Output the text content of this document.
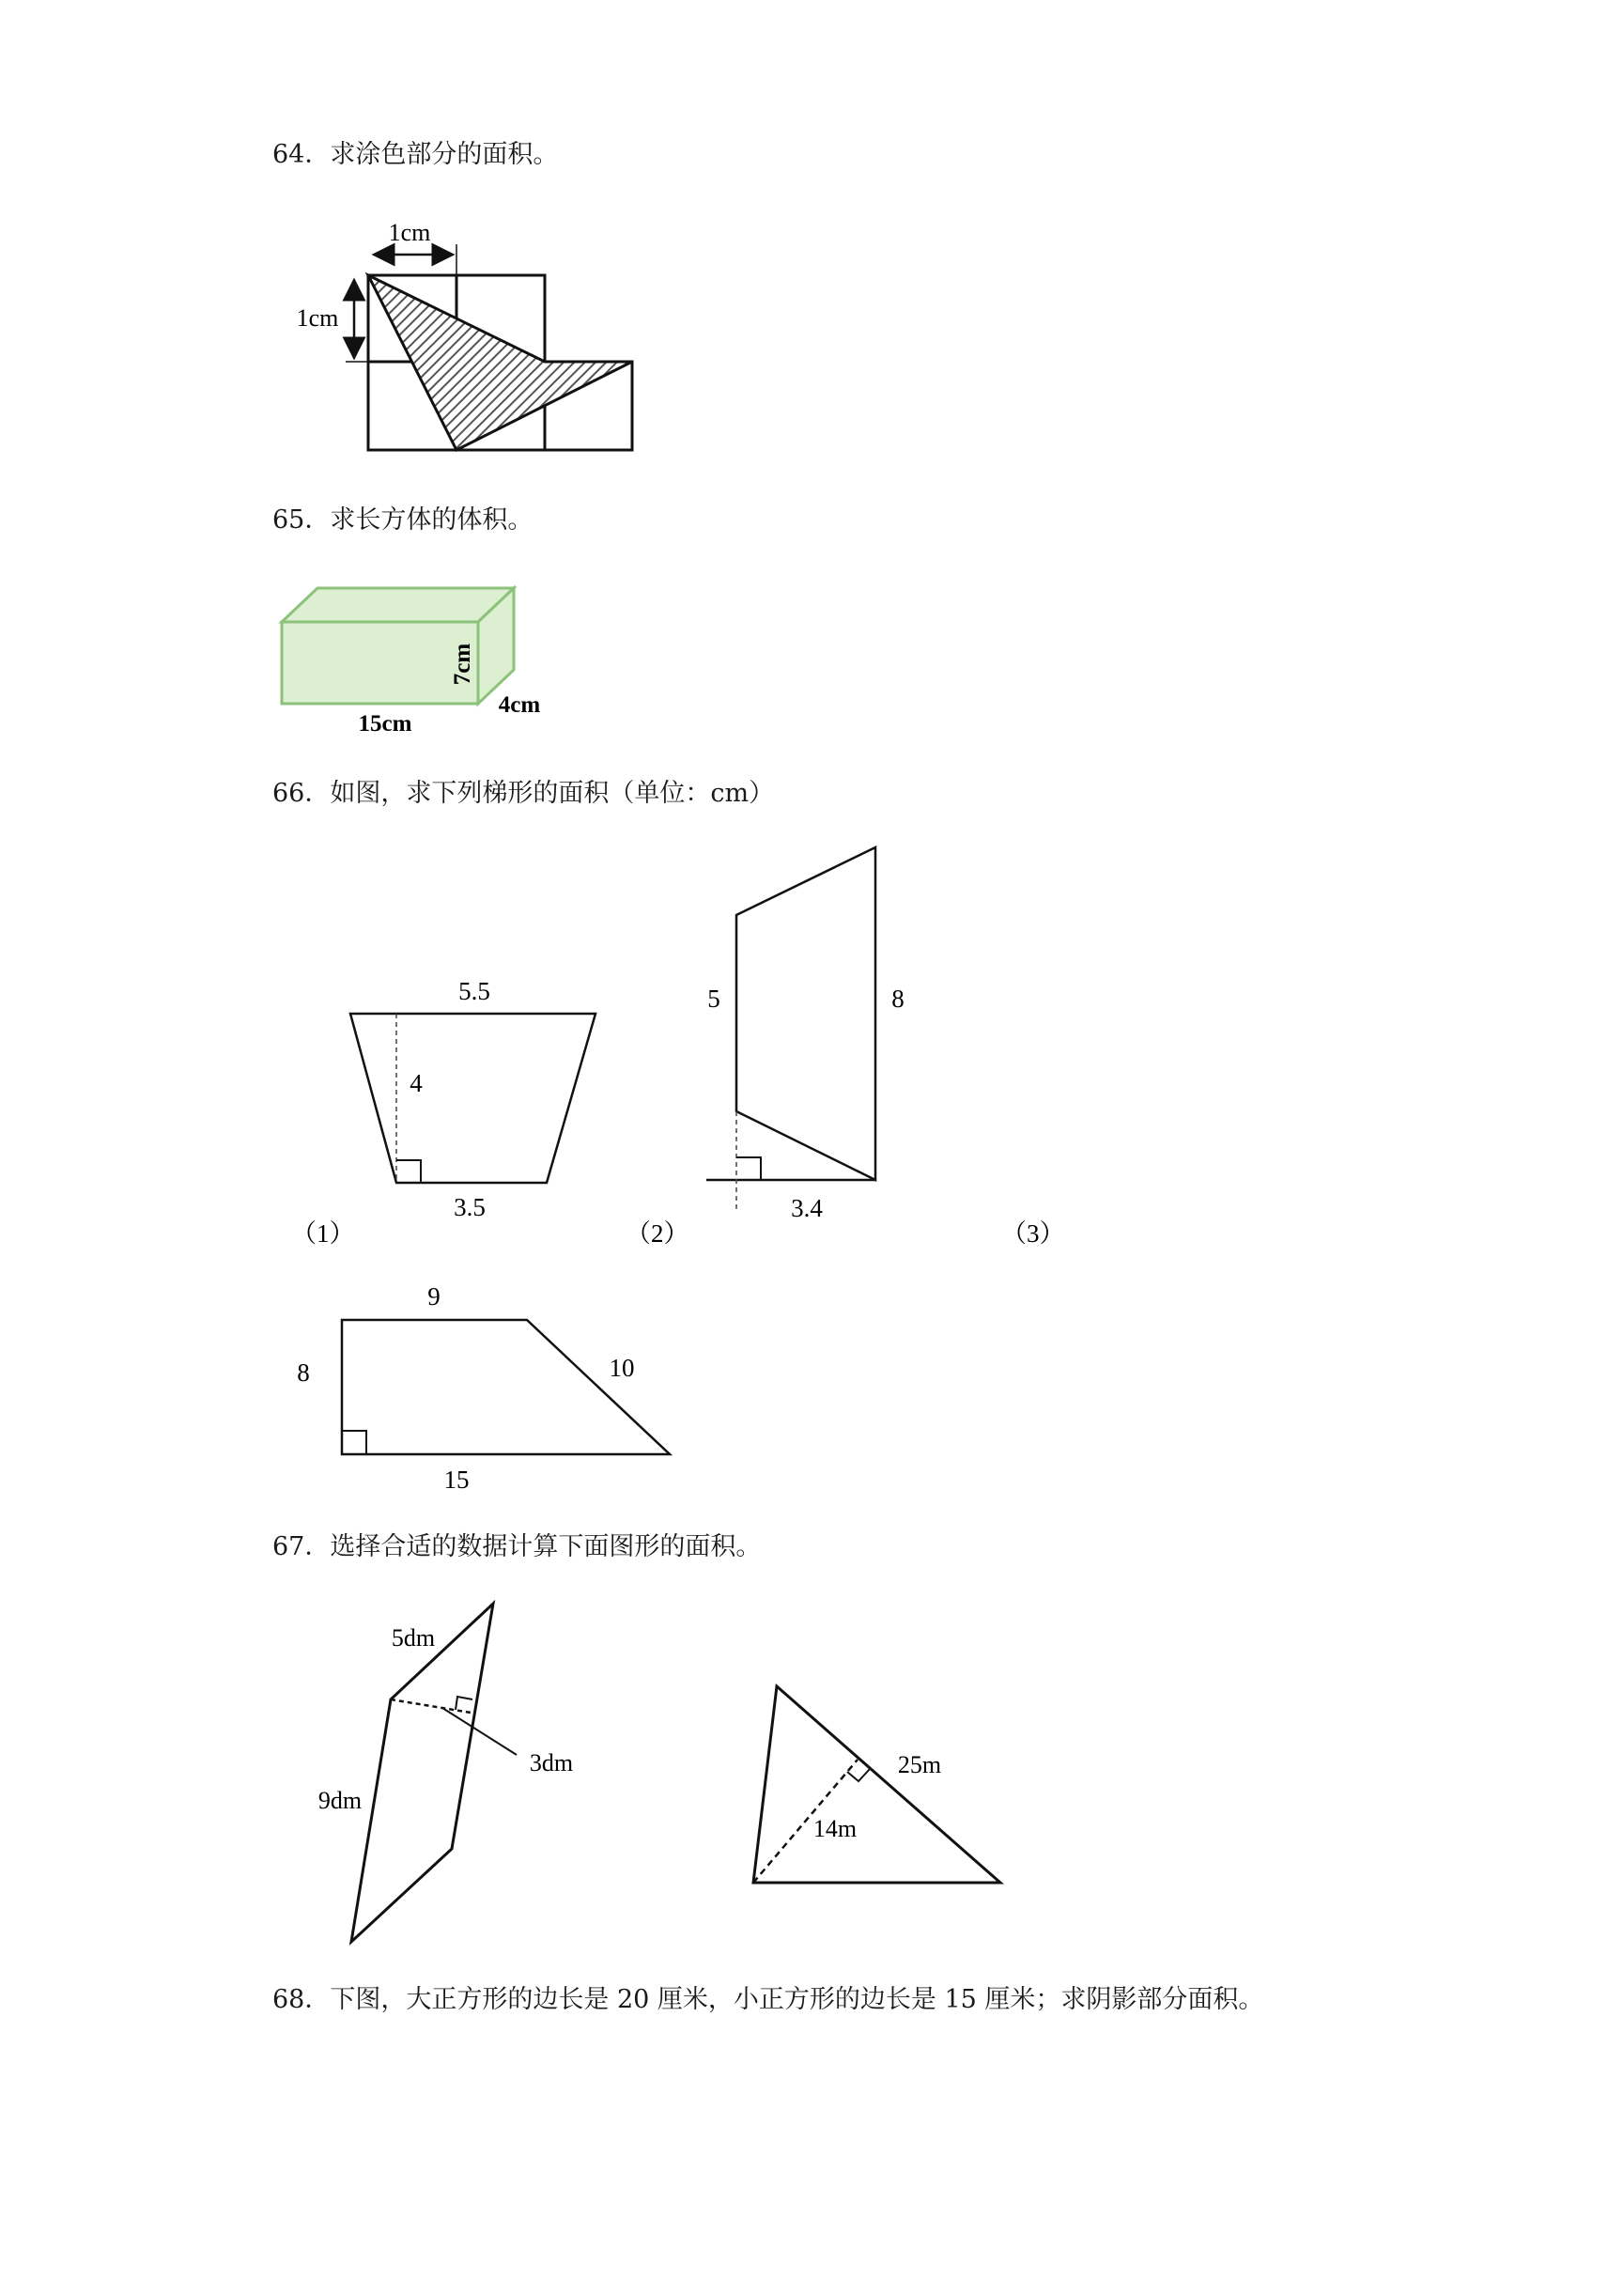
64．求涂色部分的面积。
1cm
1cm
65．求长方体的体积。
15cm
7cm
4cm
66．如图，求下列梯形的面积（单位：cm）
5.5
4
3.5
（1）
5	8
3.4
（2）	（3）
9
8	10
15
67．选择合适的数据计算下面图形的面积。
5dm
9dm
3dm	25m
14m
68．下图，大正方形的边长是 20 厘米，小正方形的边长是 15 厘米；求阴影部分面积。
